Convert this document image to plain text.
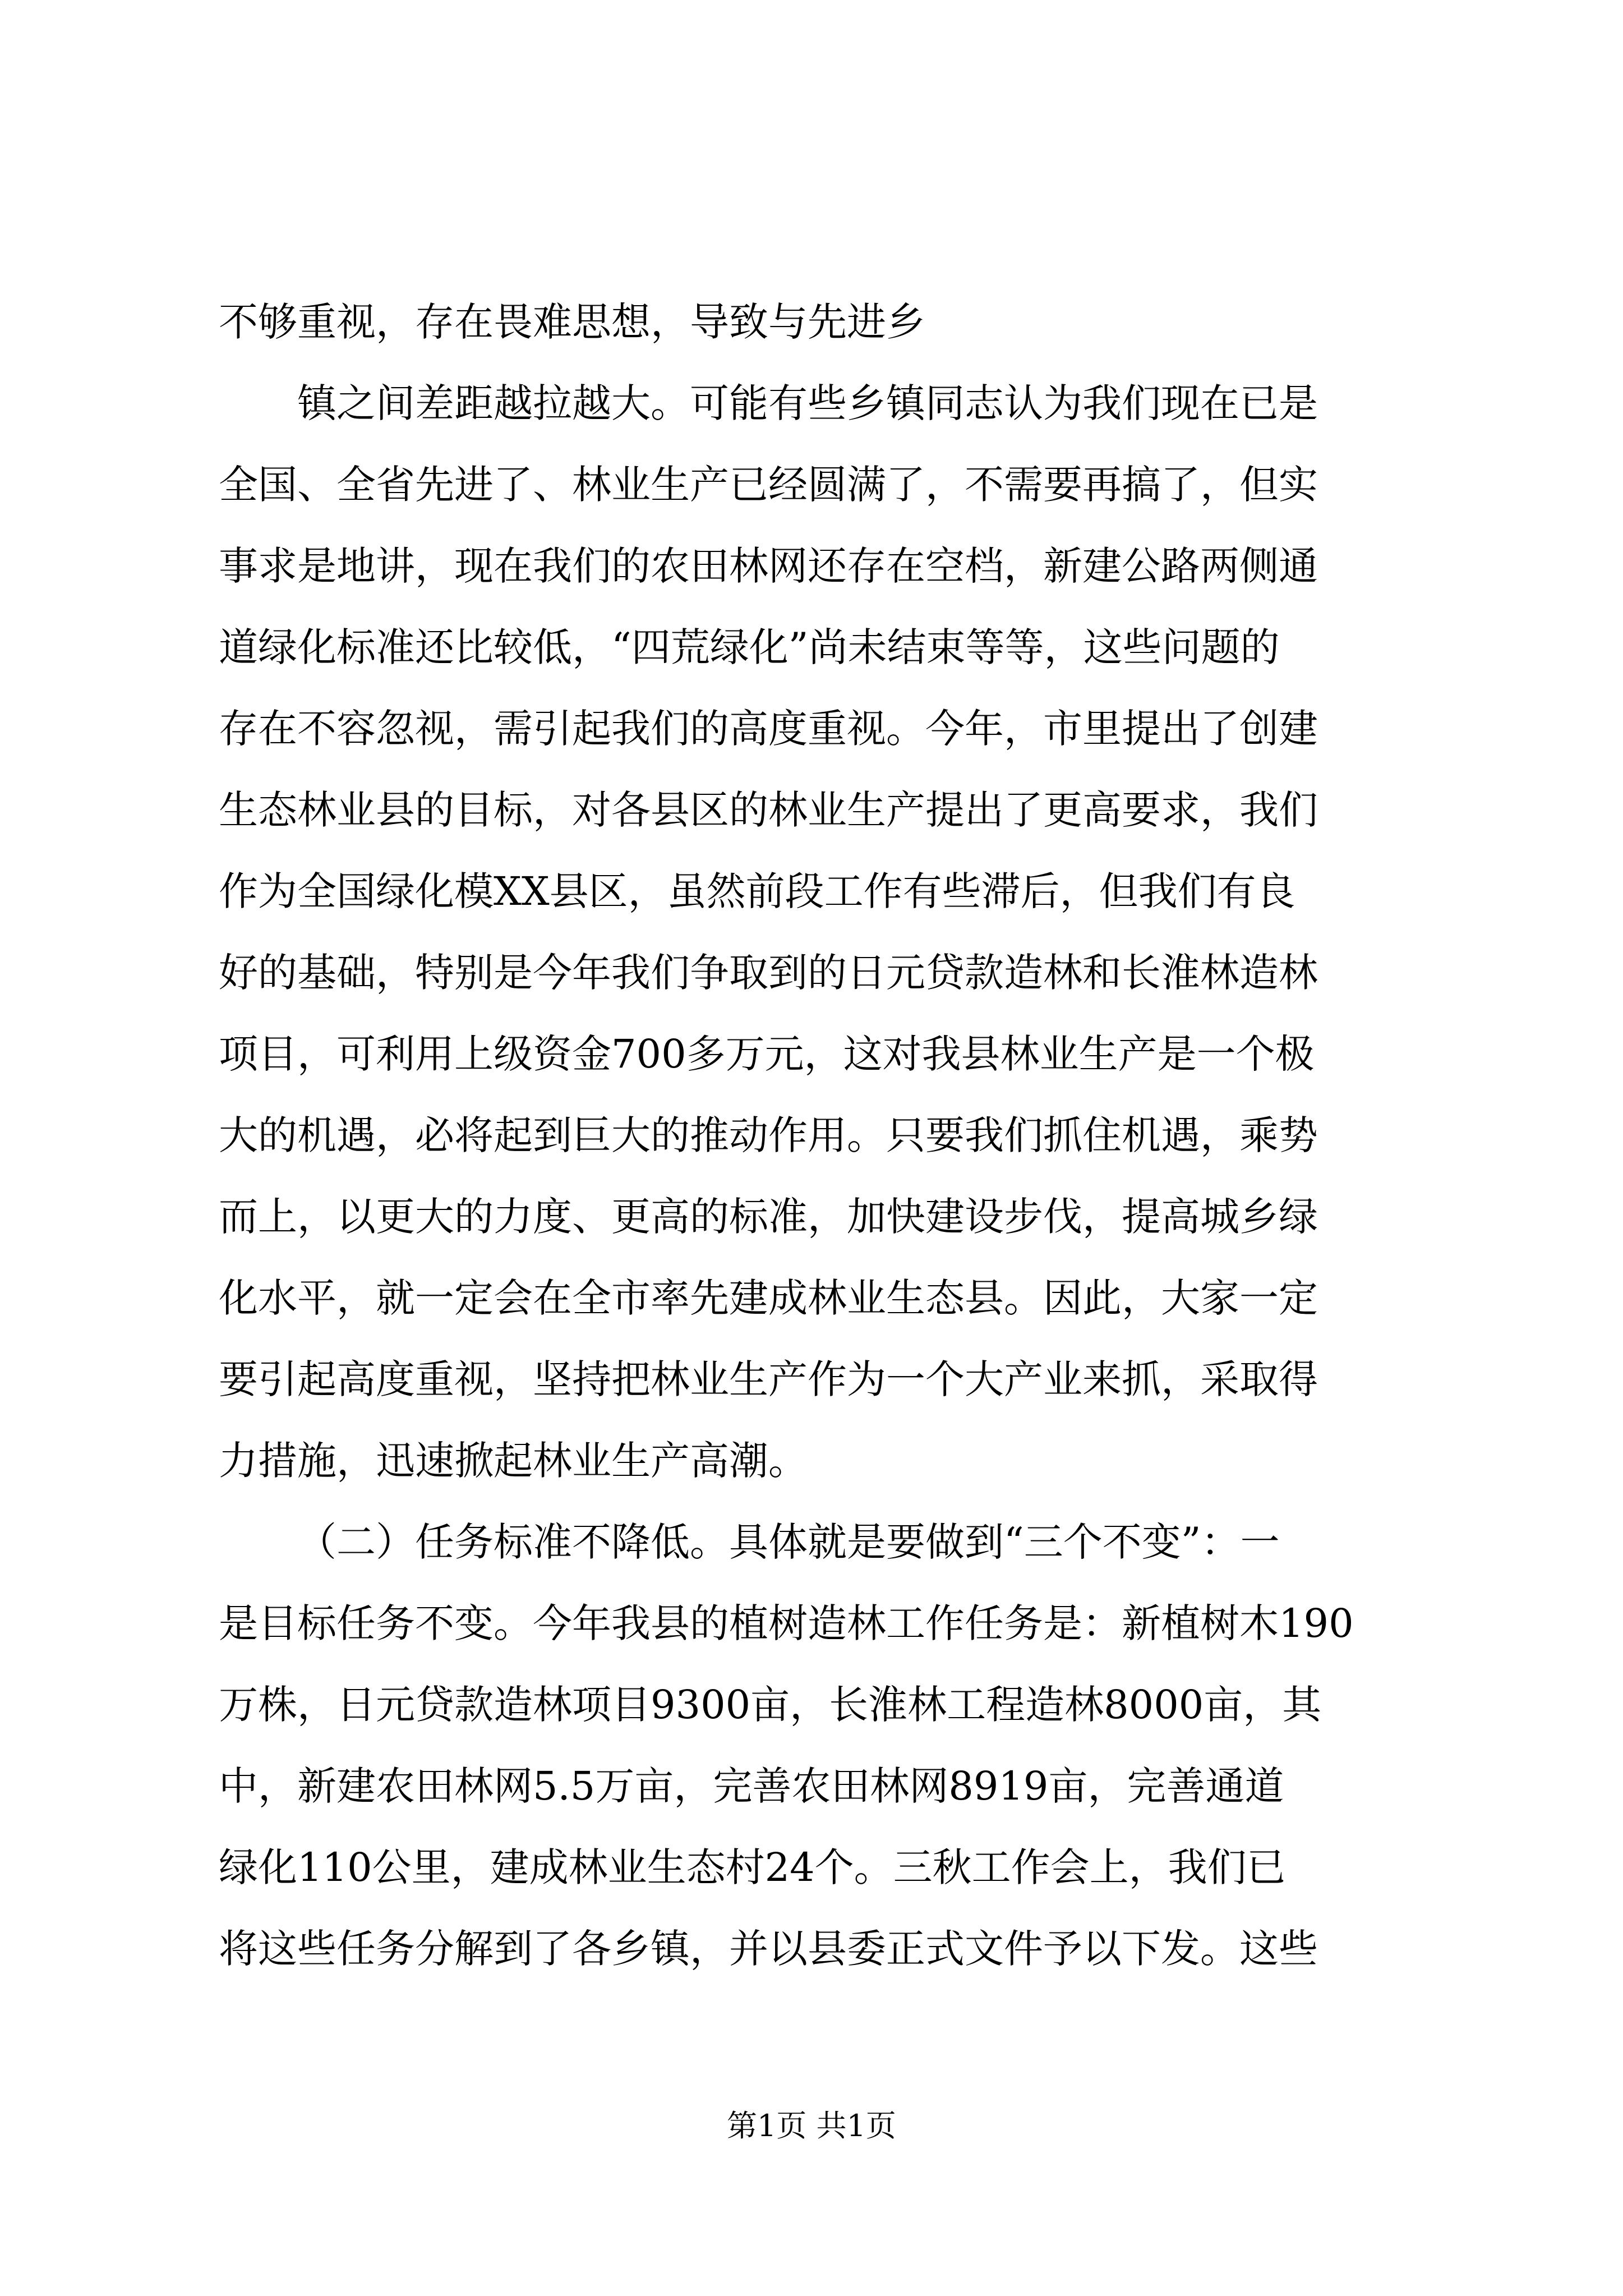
不够重视，存在畏难思想，导致与先进乡
镇之间差距越拉越大。可能有些乡镇同志认为我们现在已是
全国、全省先进了、林业生产已经圆满了，不需要再搞了，但实
事求是地讲，现在我们的农田林网还存在空档，新建公路两侧通
道绿化标准还比较低，“四荒绿化”尚未结束等等，这些问题的
存在不容忽视，需引起我们的高度重视。今年，市里提出了创建
生态林业县的目标，对各县区的林业生产提出了更高要求，我们
作为全国绿化模XX县区，虽然前段工作有些滞后，但我们有良
好的基础，特别是今年我们争取到的日元贷款造林和长淮林造林
项目，可利用上级资金700多万元，这对我县林业生产是一个极
大的机遇，必将起到巨大的推动作用。只要我们抓住机遇，乘势
而上，以更大的力度、更高的标准，加快建设步伐，提高城乡绿
化水平，就一定会在全市率先建成林业生态县。因此，大家一定
要引起高度重视，坚持把林业生产作为一个大产业来抓，采取得
力措施，迅速掀起林业生产高潮。
（二）任务标准不降低。具体就是要做到“三个不变”：一
是目标任务不变。今年我县的植树造林工作任务是：新植树木190
万株，日元贷款造林项目9300亩，长淮林工程造林8000亩，其
中，新建农田林网5.5万亩，完善农田林网8919亩，完善通道
绿化110公里，建成林业生态村24个。三秋工作会上，我们已
将这些任务分解到了各乡镇，并以县委正式文件予以下发。这些
第1页 共1页
